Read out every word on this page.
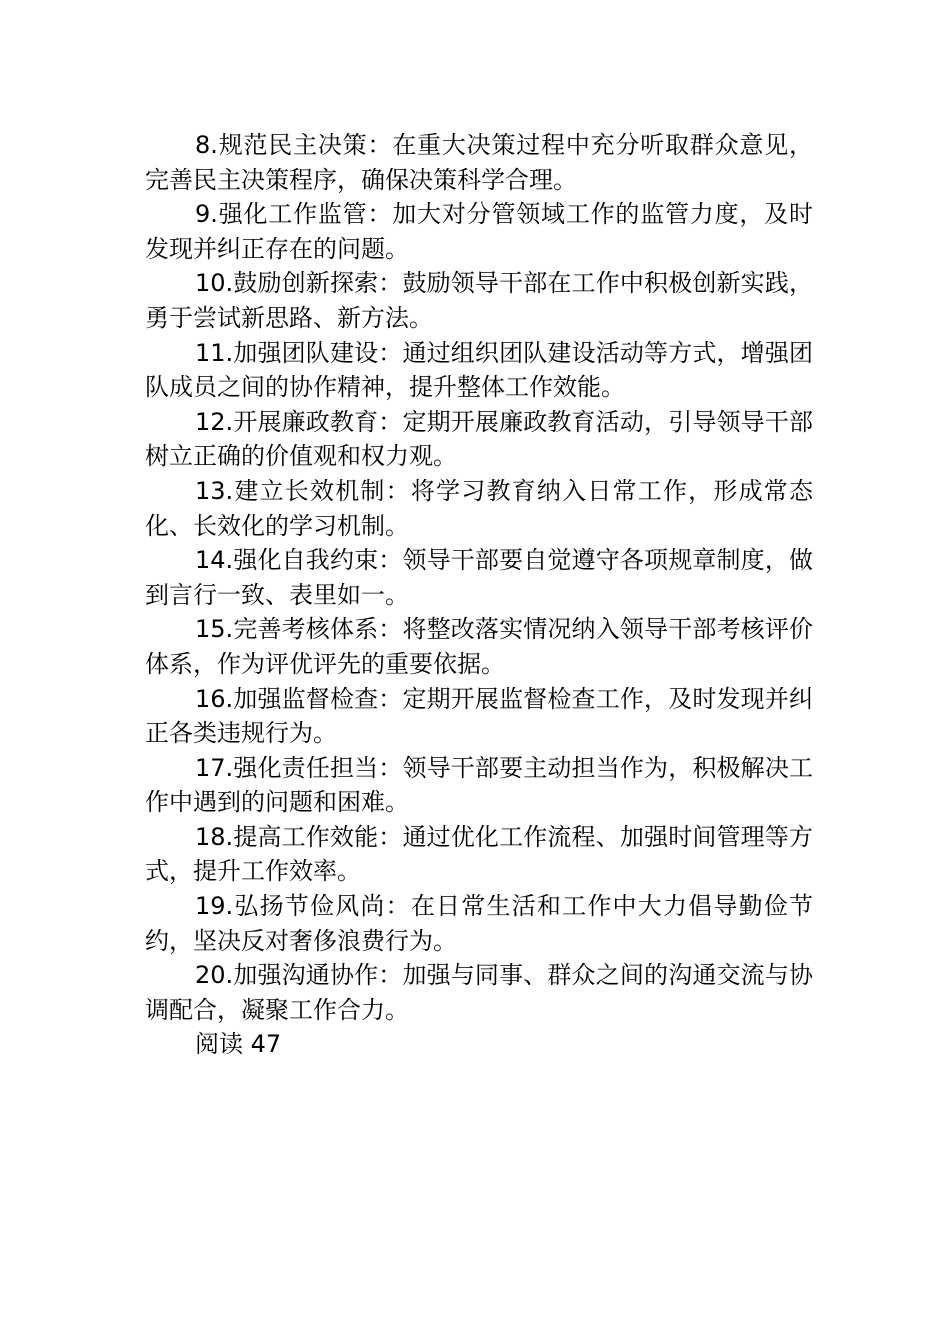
8.规范民主决策：在重大决策过程中充分听取群众意见，完善民主决策程序，确保决策科学合理。

9.强化工作监管：加大对分管领域工作的监管力度，及时发现并纠正存在的问题。

10.鼓励创新探索：鼓励领导干部在工作中积极创新实践，勇于尝试新思路、新方法。

11.加强团队建设：通过组织团队建设活动等方式，增强团队成员之间的协作精神，提升整体工作效能。

12.开展廉政教育：定期开展廉政教育活动，引导领导干部树立正确的价值观和权力观。

13.建立长效机制：将学习教育纳入日常工作，形成常态化、长效化的学习机制。

14.强化自我约束：领导干部要自觉遵守各项规章制度，做到言行一致、表里如一。

15.完善考核体系：将整改落实情况纳入领导干部考核评价体系，作为评优评先的重要依据。

16.加强监督检查：定期开展监督检查工作，及时发现并纠正各类违规行为。

17.强化责任担当：领导干部要主动担当作为，积极解决工作中遇到的问题和困难。

18.提高工作效能：通过优化工作流程、加强时间管理等方式，提升工作效率。

19.弘扬节俭风尚：在日常生活和工作中大力倡导勤俭节约，坚决反对奢侈浪费行为。

20.加强沟通协作：加强与同事、群众之间的沟通交流与协调配合，凝聚工作合力。

阅读 47
